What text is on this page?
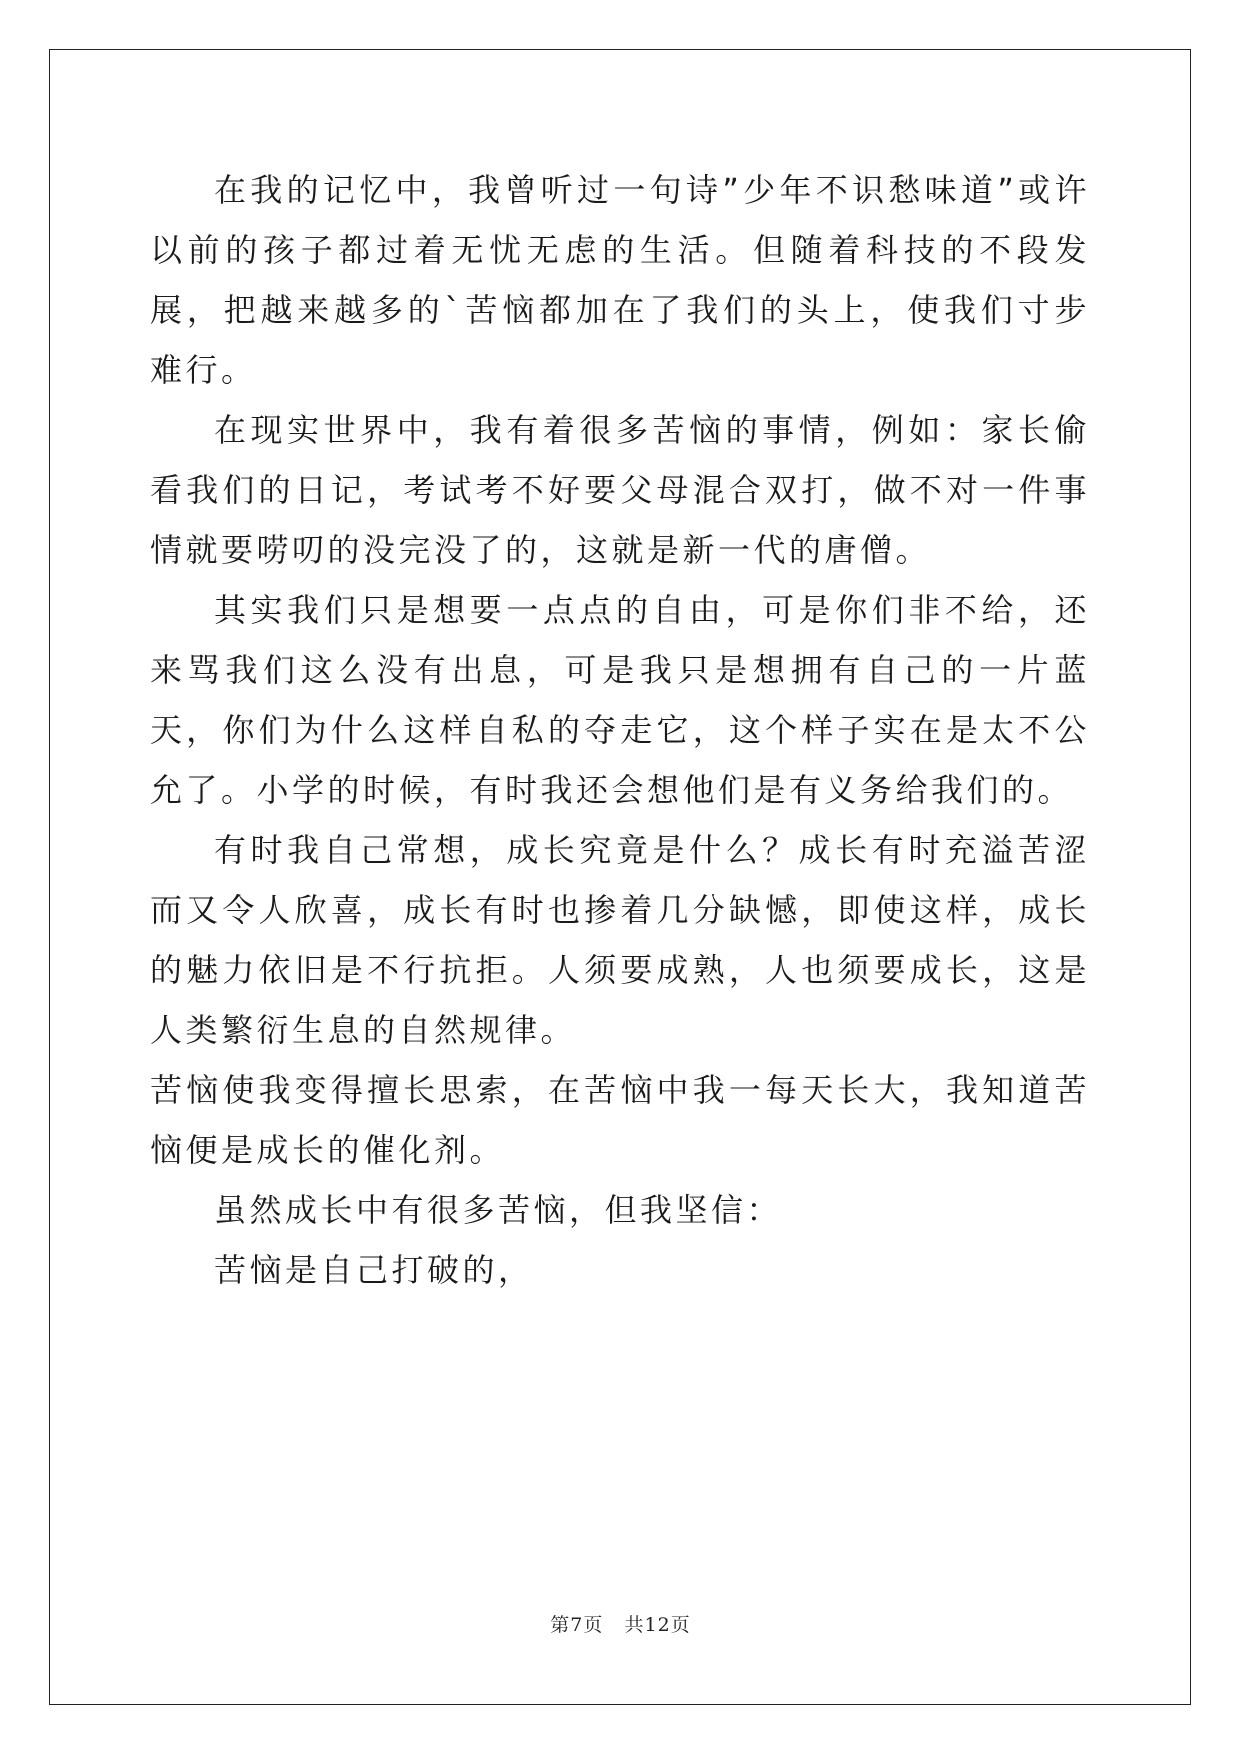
在我的记忆中，我曾听过一句诗”少年不识愁味道”或许以前的孩子都过着无忧无虑的生活。但随着科技的不段发展，把越来越多的`苦恼都加在了我们的头上，使我们寸步难行。

在现实世界中，我有着很多苦恼的事情，例如：家长偷看我们的日记，考试考不好要父母混合双打，做不对一件事情就要唠叨的没完没了的，这就是新一代的唐僧。

其实我们只是想要一点点的自由，可是你们非不给，还来骂我们这么没有出息，可是我只是想拥有自己的一片蓝天，你们为什么这样自私的夺走它，这个样子实在是太不公允了。小学的时候，有时我还会想他们是有义务给我们的。

有时我自己常想，成长究竟是什么？成长有时充溢苦涩而又令人欣喜，成长有时也掺着几分缺憾，即使这样，成长的魅力依旧是不行抗拒。人须要成熟，人也须要成长，这是人类繁衍生息的自然规律。

苦恼使我变得擅长思索，在苦恼中我一每天长大，我知道苦恼便是成长的催化剂。

虽然成长中有很多苦恼，但我坚信：

苦恼是自己打破的，

第7页 共12页
